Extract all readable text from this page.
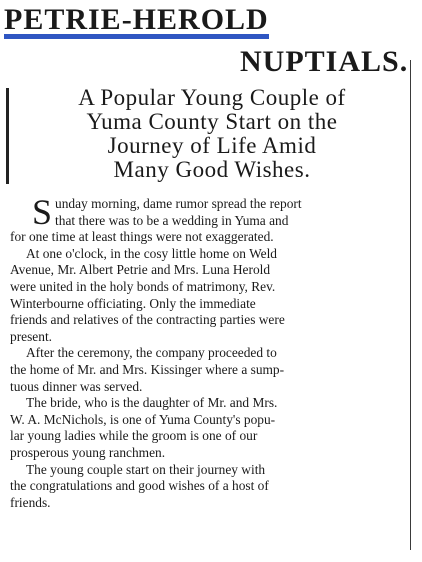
PETRIE-HEROLD
NUPTIALS.
A Popular Young Couple of
Yuma County Start on the
Journey of Life Amid
Many Good Wishes.
S unday morning, dame rumor spread the report
that there was to be a wedding in Yuma and
for one time at least things were not exaggerated.
At one o'clock, in the cosy little home on Weld
Avenue, Mr. Albert Petrie and Mrs. Luna Herold
were united in the holy bonds of matrimony, Rev.
Winterbourne officiating. Only the immediate
friends and relatives of the contracting parties were
present.
After the ceremony, the company proceeded to
the home of Mr. and Mrs. Kissinger where a sump-
tuous dinner was served.
The bride, who is the daughter of Mr. and Mrs.
W. A. McNichols, is one of Yuma County's popu-
lar young ladies while the groom is one of our
prosperous young ranchmen.
The young couple start on their journey with
the congratulations and good wishes of a host of
friends.
